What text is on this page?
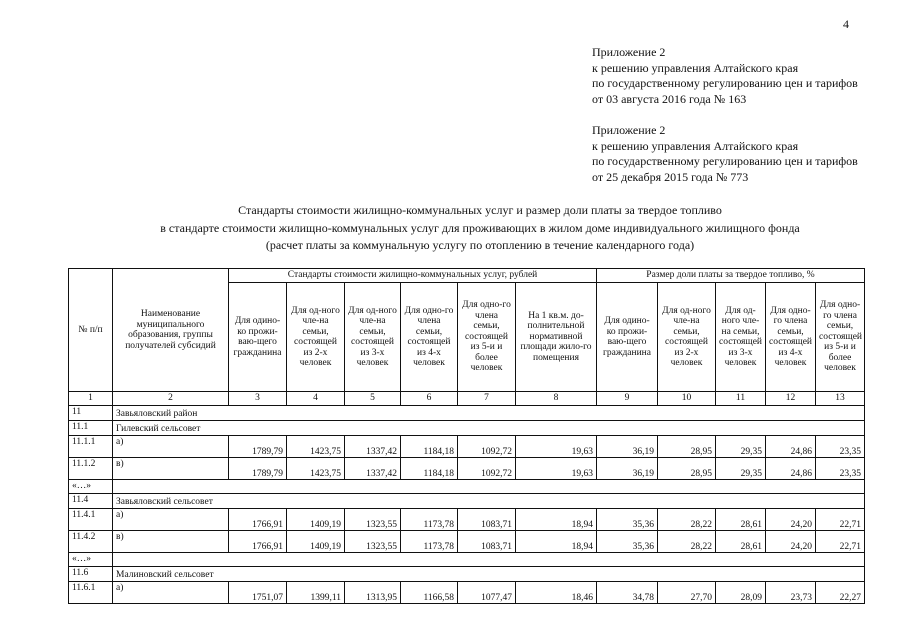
4
Приложение 2
к решению управления Алтайского края
по государственному регулированию цен и тарифов
от 03 августа 2016 года № 163
Приложение 2
к решению управления Алтайского края
по государственному регулированию цен и тарифов
от 25 декабря 2015 года № 773
Стандарты стоимости жилищно-коммунальных услуг и размер доли платы за твердое топливо
в стандарте стоимости жилищно-коммунальных услуг для проживающих в жилом доме индивидуального жилищного фонда
(расчет платы за коммунальную услугу по отоплению в течение календарного года)
№ п/п	Наименование муниципального образования, группы получателей субсидий	Стандарты стоимости жилищно-коммунальных услуг, рублей						Размер доли платы за твердое топливо, %				
		Для одино-ко прожи-ваю-щего гражданина	Для од-ного чле-на семьи, состоящей из 2-х человек	Для од-ного чле-на семьи, состоящей из 3-х человек	Для одно-го члена семьи, состоящей из 4-х человек	Для одно-го члена семьи, состоящей из 5-и и более человек	На 1 кв.м. до-полнительной нормативной площади жило-го помещения	Для одино-ко прожи-ваю-щего гражданина	Для од-ного чле-на семьи, состоящей из 2-х человек	Для од-ного чле-на семьи, состоящей из 3-х человек	Для одно-го члена семьи, состоящей из 4-х человек	Для одно-го члена семьи, состоящей из 5-и и более человек
1	2	3	4	5	6	7	8	9	10	11	12	13
11	Завьяловский район											
11.1	Гилевский сельсовет											
11.1.1	а)	1789,79	1423,75	1337,42	1184,18	1092,72	19,63	36,19	28,95	29,35	24,86	23,35
11.1.2	в)	1789,79	1423,75	1337,42	1184,18	1092,72	19,63	36,19	28,95	29,35	24,86	23,35
«…»												
11.4	Завьяловский сельсовет											
11.4.1	а)	1766,91	1409,19	1323,55	1173,78	1083,71	18,94	35,36	28,22	28,61	24,20	22,71
11.4.2	в)	1766,91	1409,19	1323,55	1173,78	1083,71	18,94	35,36	28,22	28,61	24,20	22,71
«…»												
11.6	Малиновский сельсовет											
11.6.1	а)	1751,07	1399,11	1313,95	1166,58	1077,47	18,46	34,78	27,70	28,09	23,73	22,27
